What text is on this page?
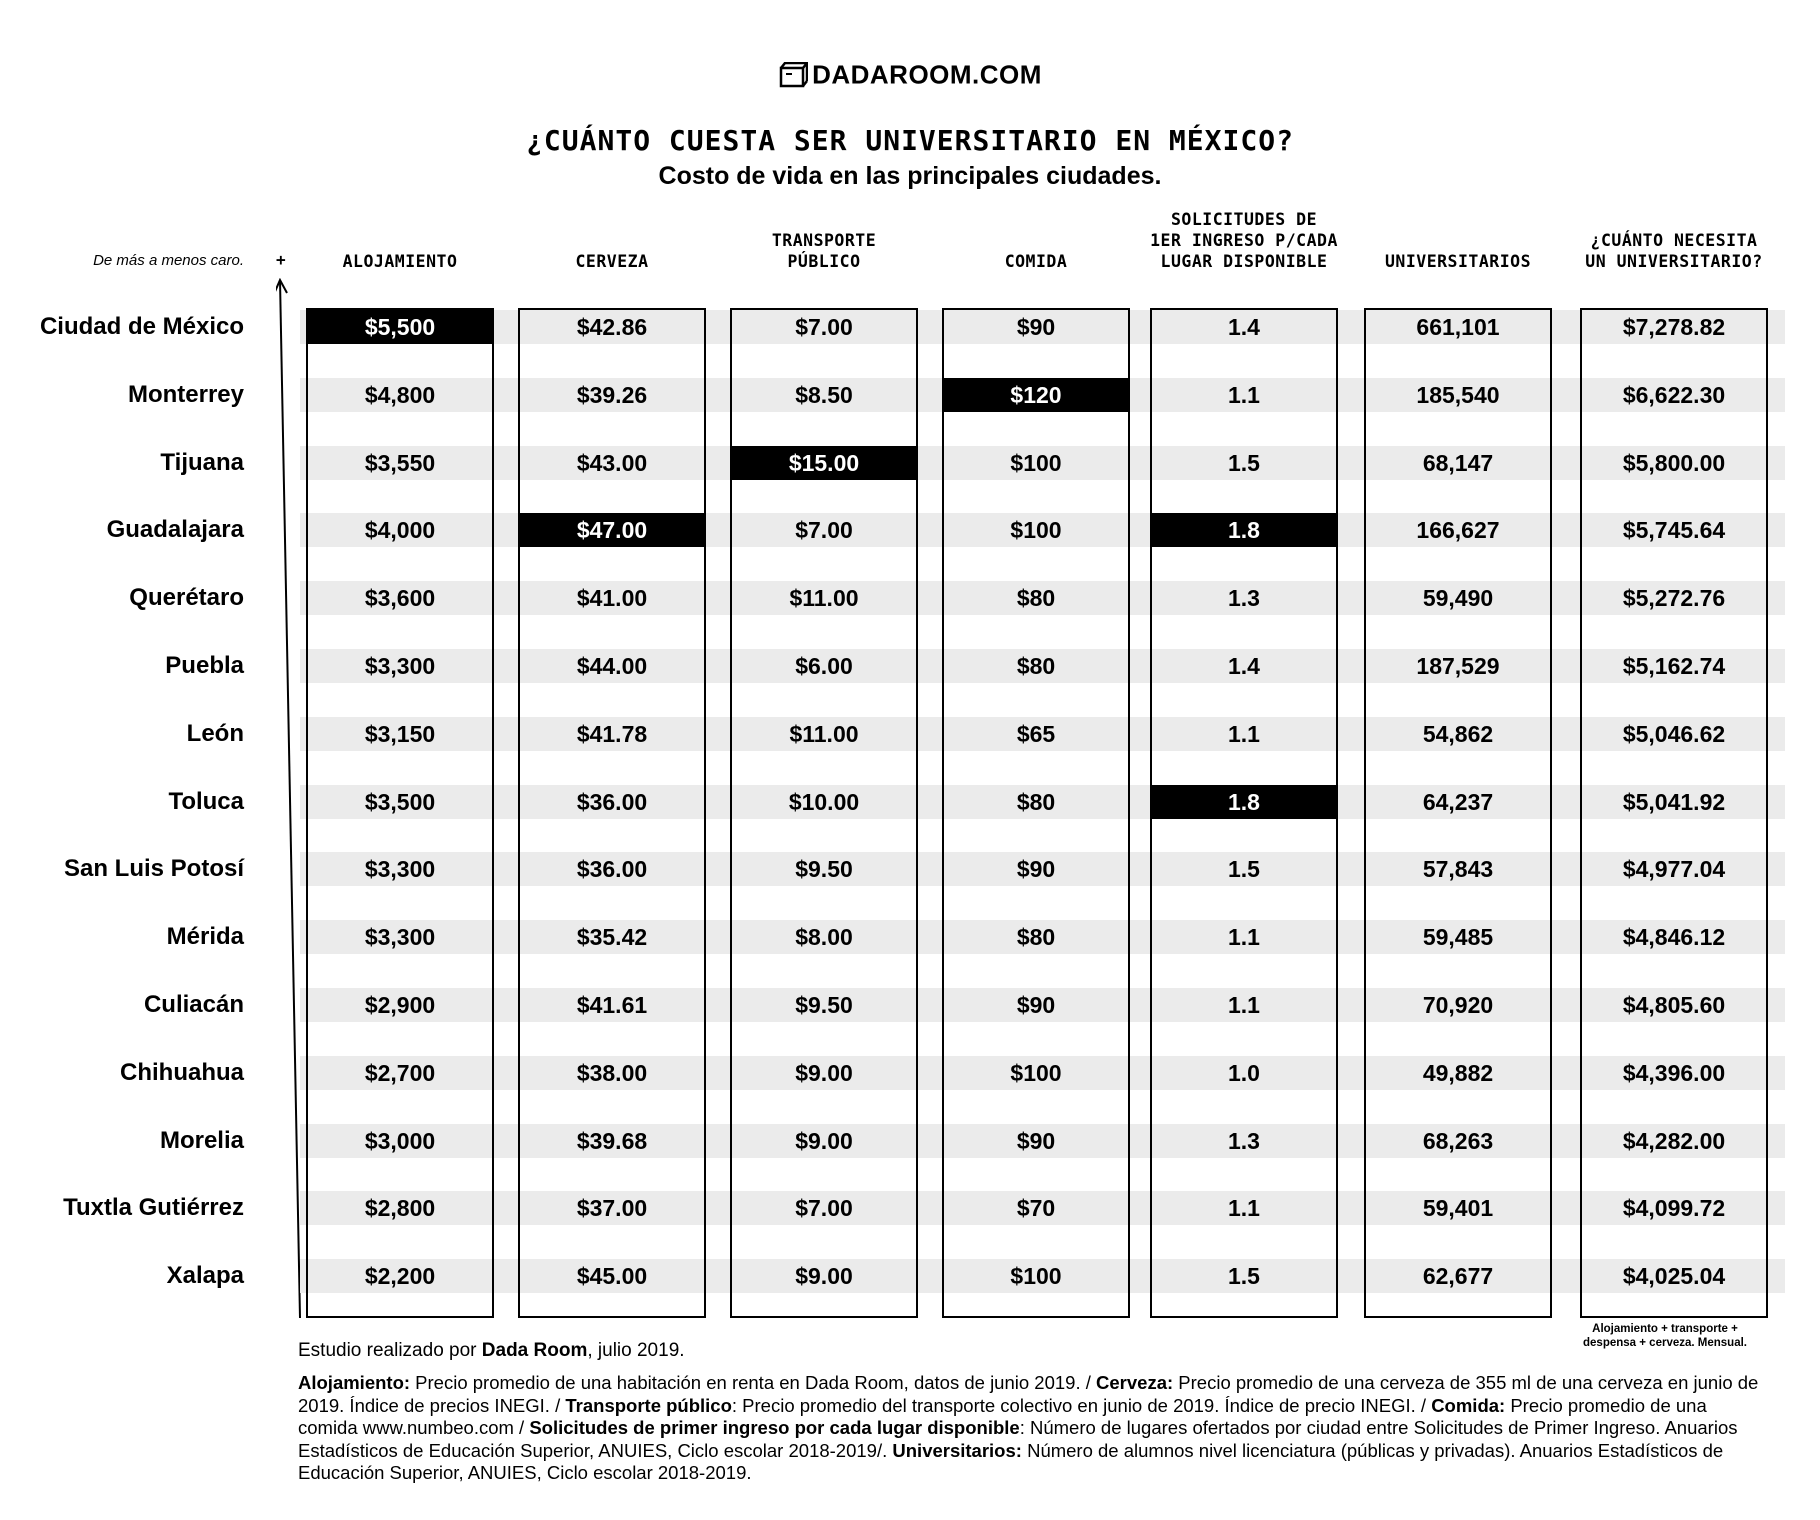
DADAROOM.COM
¿CUÁNTO CUESTA SER UNIVERSITARIO EN MÉXICO?
Costo de vida en las principales ciudades.
De más a menos caro. +	ALOJAMIENTO	CERVEZA
TRANSPORTE
PÚBLICO	COMIDA
SOLICITUDES DE
1ER INGRESO P/CADA
LUGAR DISPONIBLE	UNIVERSITARIOS
¿CUÁNTO NECESITA
UN UNIVERSITARIO?
Ciudad de México	$5,500	$42.86	$7.00	$90	1.4	661,101	$7,278.82
Monterrey	$4,800	$39.26	$8.50	$120	1.1	185,540	$6,622.30
Tijuana	$3,550	$43.00	$15.00	$100	1.5	68,147	$5,800.00
Guadalajara	$4,000	$47.00	$7.00	$100	1.8	166,627	$5,745.64
Querétaro	$3,600	$41.00	$11.00	$80	1.3	59,490	$5,272.76
Puebla	$3,300	$44.00	$6.00	$80	1.4	187,529	$5,162.74
León	$3,150	$41.78	$11.00	$65	1.1	54,862	$5,046.62
Toluca	$3,500	$36.00	$10.00	$80	1.8	64,237	$5,041.92
San Luis Potosí	$3,300	$36.00	$9.50	$90	1.5	57,843	$4,977.04
Mérida	$3,300	$35.42	$8.00	$80	1.1	59,485	$4,846.12
Culiacán	$2,900	$41.61	$9.50	$90	1.1	70,920	$4,805.60
Chihuahua	$2,700	$38.00	$9.00	$100	1.0	49,882	$4,396.00
Morelia	$3,000	$39.68	$9.00	$90	1.3	68,263	$4,282.00
Tuxtla Gutiérrez	$2,800	$37.00	$7.00	$70	1.1	59,401	$4,099.72
Xalapa	$2,200	$45.00	$9.00	$100	1.5	62,677	$4,025.04
Alojamiento + transporte +
despensa + cerveza. Mensual.
Estudio realizado por Dada Room, julio 2019.
Alojamiento: Precio promedio de una habitación en renta en Dada Room, datos de junio 2019. / Cerveza: Precio promedio de una cerveza de 355 ml de una cerveza en junio de 2019. Índice de precios INEGI. / Transporte público: Precio promedio del transporte colectivo en junio de 2019. Índice de precio INEGI. / Comida: Precio promedio de una comida www.numbeo.com / Solicitudes de primer ingreso por cada lugar disponible: Número de lugares ofertados por ciudad entre Solicitudes de Primer Ingreso. Anuarios Estadísticos de Educación Superior, ANUIES, Ciclo escolar 2018-2019/. Universitarios: Número de alumnos nivel licenciatura (públicas y privadas). Anuarios Estadísticos de Educación Superior, ANUIES, Ciclo escolar 2018-2019.
